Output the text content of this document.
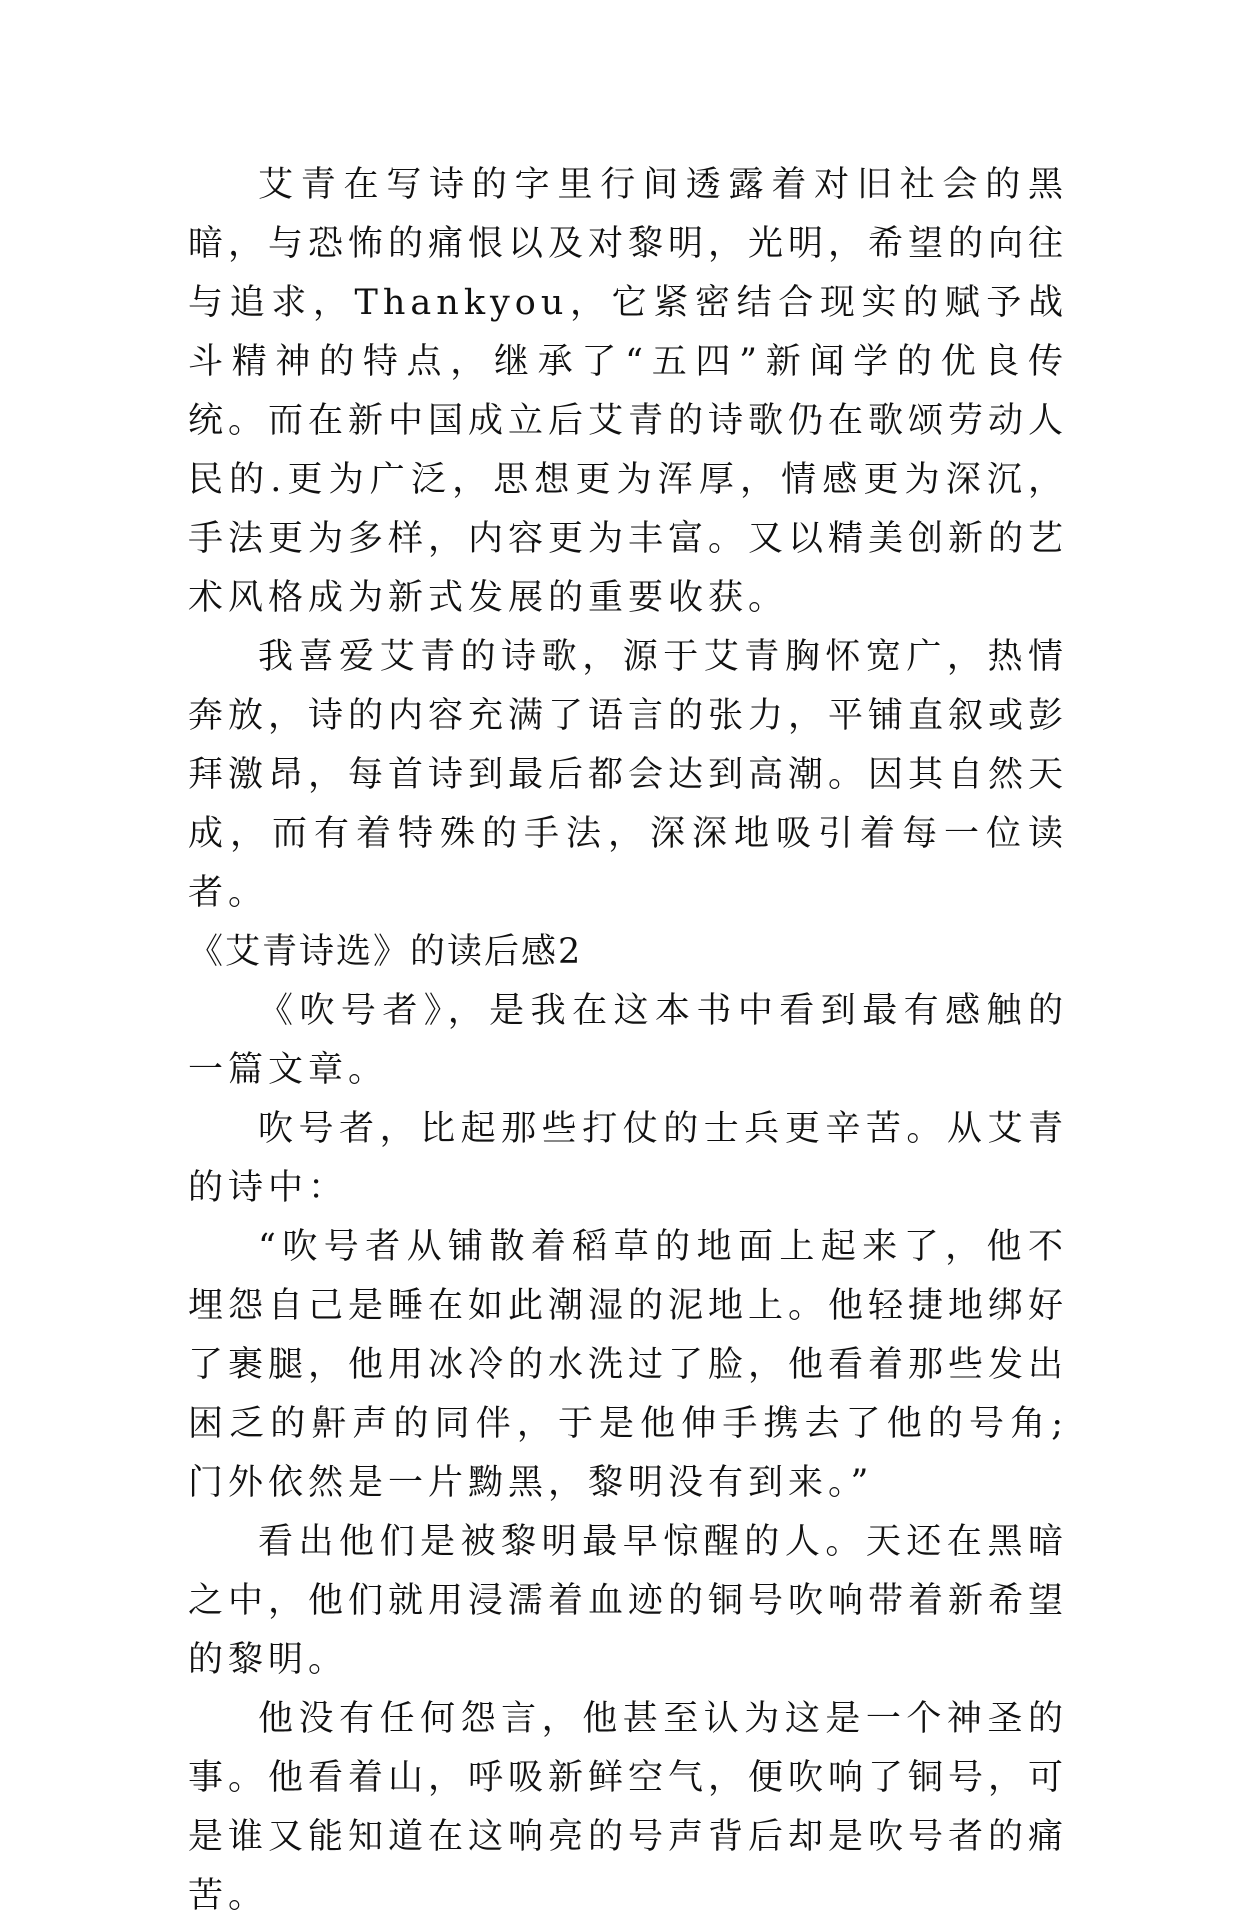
艾青在写诗的字里行间透露着对旧社会的黑暗，与恐怖的痛恨以及对黎明，光明，希望的向往与追求，Thankyou，它紧密结合现实的赋予战斗精神的特点，继承了“五四”新闻学的优良传统。而在新中国成立后艾青的诗歌仍在歌颂劳动人民的.更为广泛，思想更为浑厚，情感更为深沉，手法更为多样，内容更为丰富。又以精美创新的艺术风格成为新式发展的重要收获。

我喜爱艾青的诗歌，源于艾青胸怀宽广，热情奔放，诗的内容充满了语言的张力，平铺直叙或彭拜激昂，每首诗到最后都会达到高潮。因其自然天成，而有着特殊的手法，深深地吸引着每一位读者。

《艾青诗选》的读后感2

《吹号者》，是我在这本书中看到最有感触的一篇文章。

吹号者，比起那些打仗的士兵更辛苦。从艾青的诗中：

“吹号者从铺散着稻草的地面上起来了，他不埋怨自己是睡在如此潮湿的泥地上。他轻捷地绑好了裹腿，他用冰冷的水洗过了脸，他看着那些发出困乏的鼾声的同伴，于是他伸手携去了他的号角;门外依然是一片黝黑，黎明没有到来。”

看出他们是被黎明最早惊醒的人。天还在黑暗之中，他们就用浸濡着血迹的铜号吹响带着新希望的黎明。

他没有任何怨言，他甚至认为这是一个神圣的事。他看着山，呼吸新鲜空气，便吹响了铜号，可是谁又能知道在这响亮的号声背后却是吹号者的痛苦。
